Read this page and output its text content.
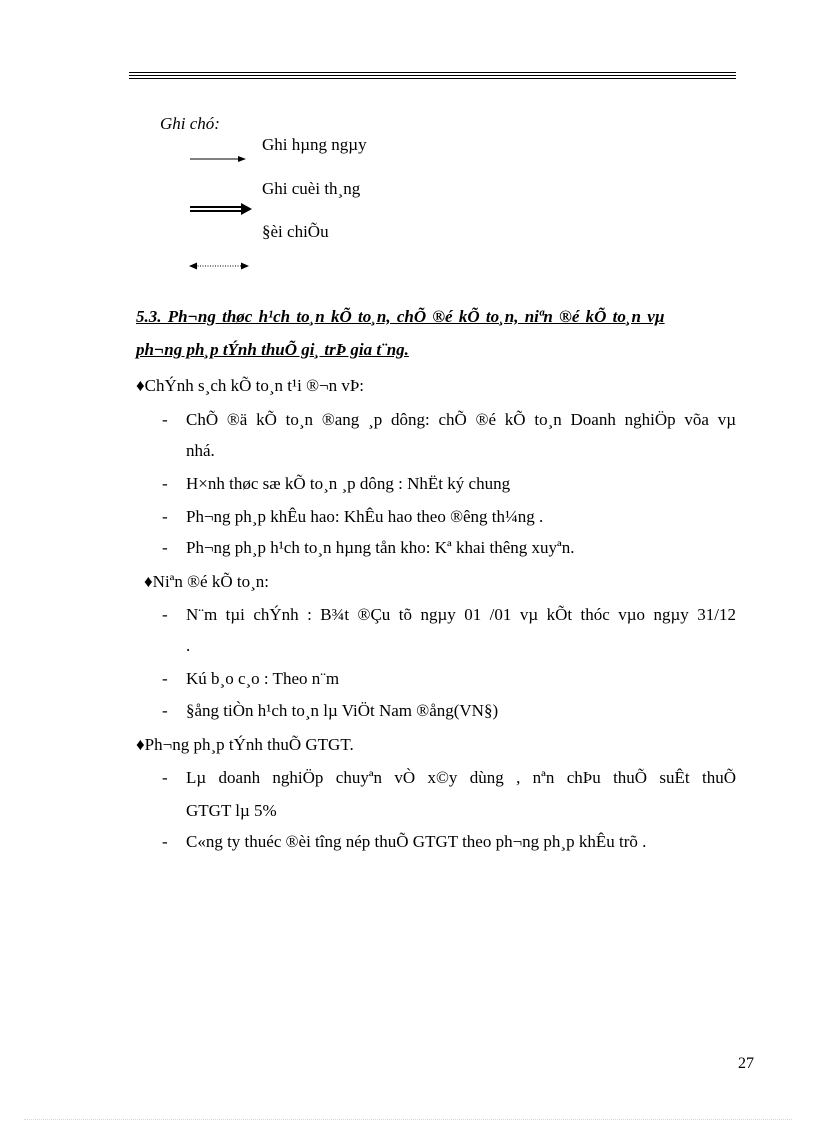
Ghi chó:
Ghi hµng ngµy
Ghi cuèi th¸ng
§èi chiÕu
5.3. Ph¬ng thøc h¹ch to¸n kÕ to¸n, chÕ ®é kÕ to¸n, niªn ®é kÕ to¸n vµ
ph¬ng ph¸p tÝnh thuÕ gi¸ trÞ gia t¨ng.
♦ChÝnh s¸ch kÕ to¸n t¹i ®¬n vÞ:
- ChÕ ®ä kÕ to¸n ®ang ¸p dông: chÕ ®é kÕ to¸n Doanh nghiÖp võa vµ
nhá.
- H×nh thøc sæ kÕ to¸n ¸p dông : NhËt ký chung
- Ph¬ng ph¸p khÊu hao: KhÊu hao theo ®êng th¼ng .
- Ph¬ng ph¸p h¹ch to¸n hµng tån kho: Kª khai thêng xuyªn.
♦Niªn ®é kÕ to¸n:
- N¨m tµi chÝnh : B¾t ®Çu tõ ngµy 01 /01 vµ kÕt thóc vµo ngµy 31/12
.
- Kú b¸o c¸o : Theo n¨m
- §ång tiÒn h¹ch to¸n lµ ViÖt Nam ®ång(VN§)
♦Ph¬ng ph¸p tÝnh thuÕ GTGT.
- Lµ doanh nghiÖp chuyªn vÒ x©y dùng , nªn chÞu thuÕ suÊt thuÕ
GTGT lµ 5%
- C«ng ty thuéc ®èi tîng nép thuÕ GTGT theo ph¬ng ph¸p khÊu trõ .
27
